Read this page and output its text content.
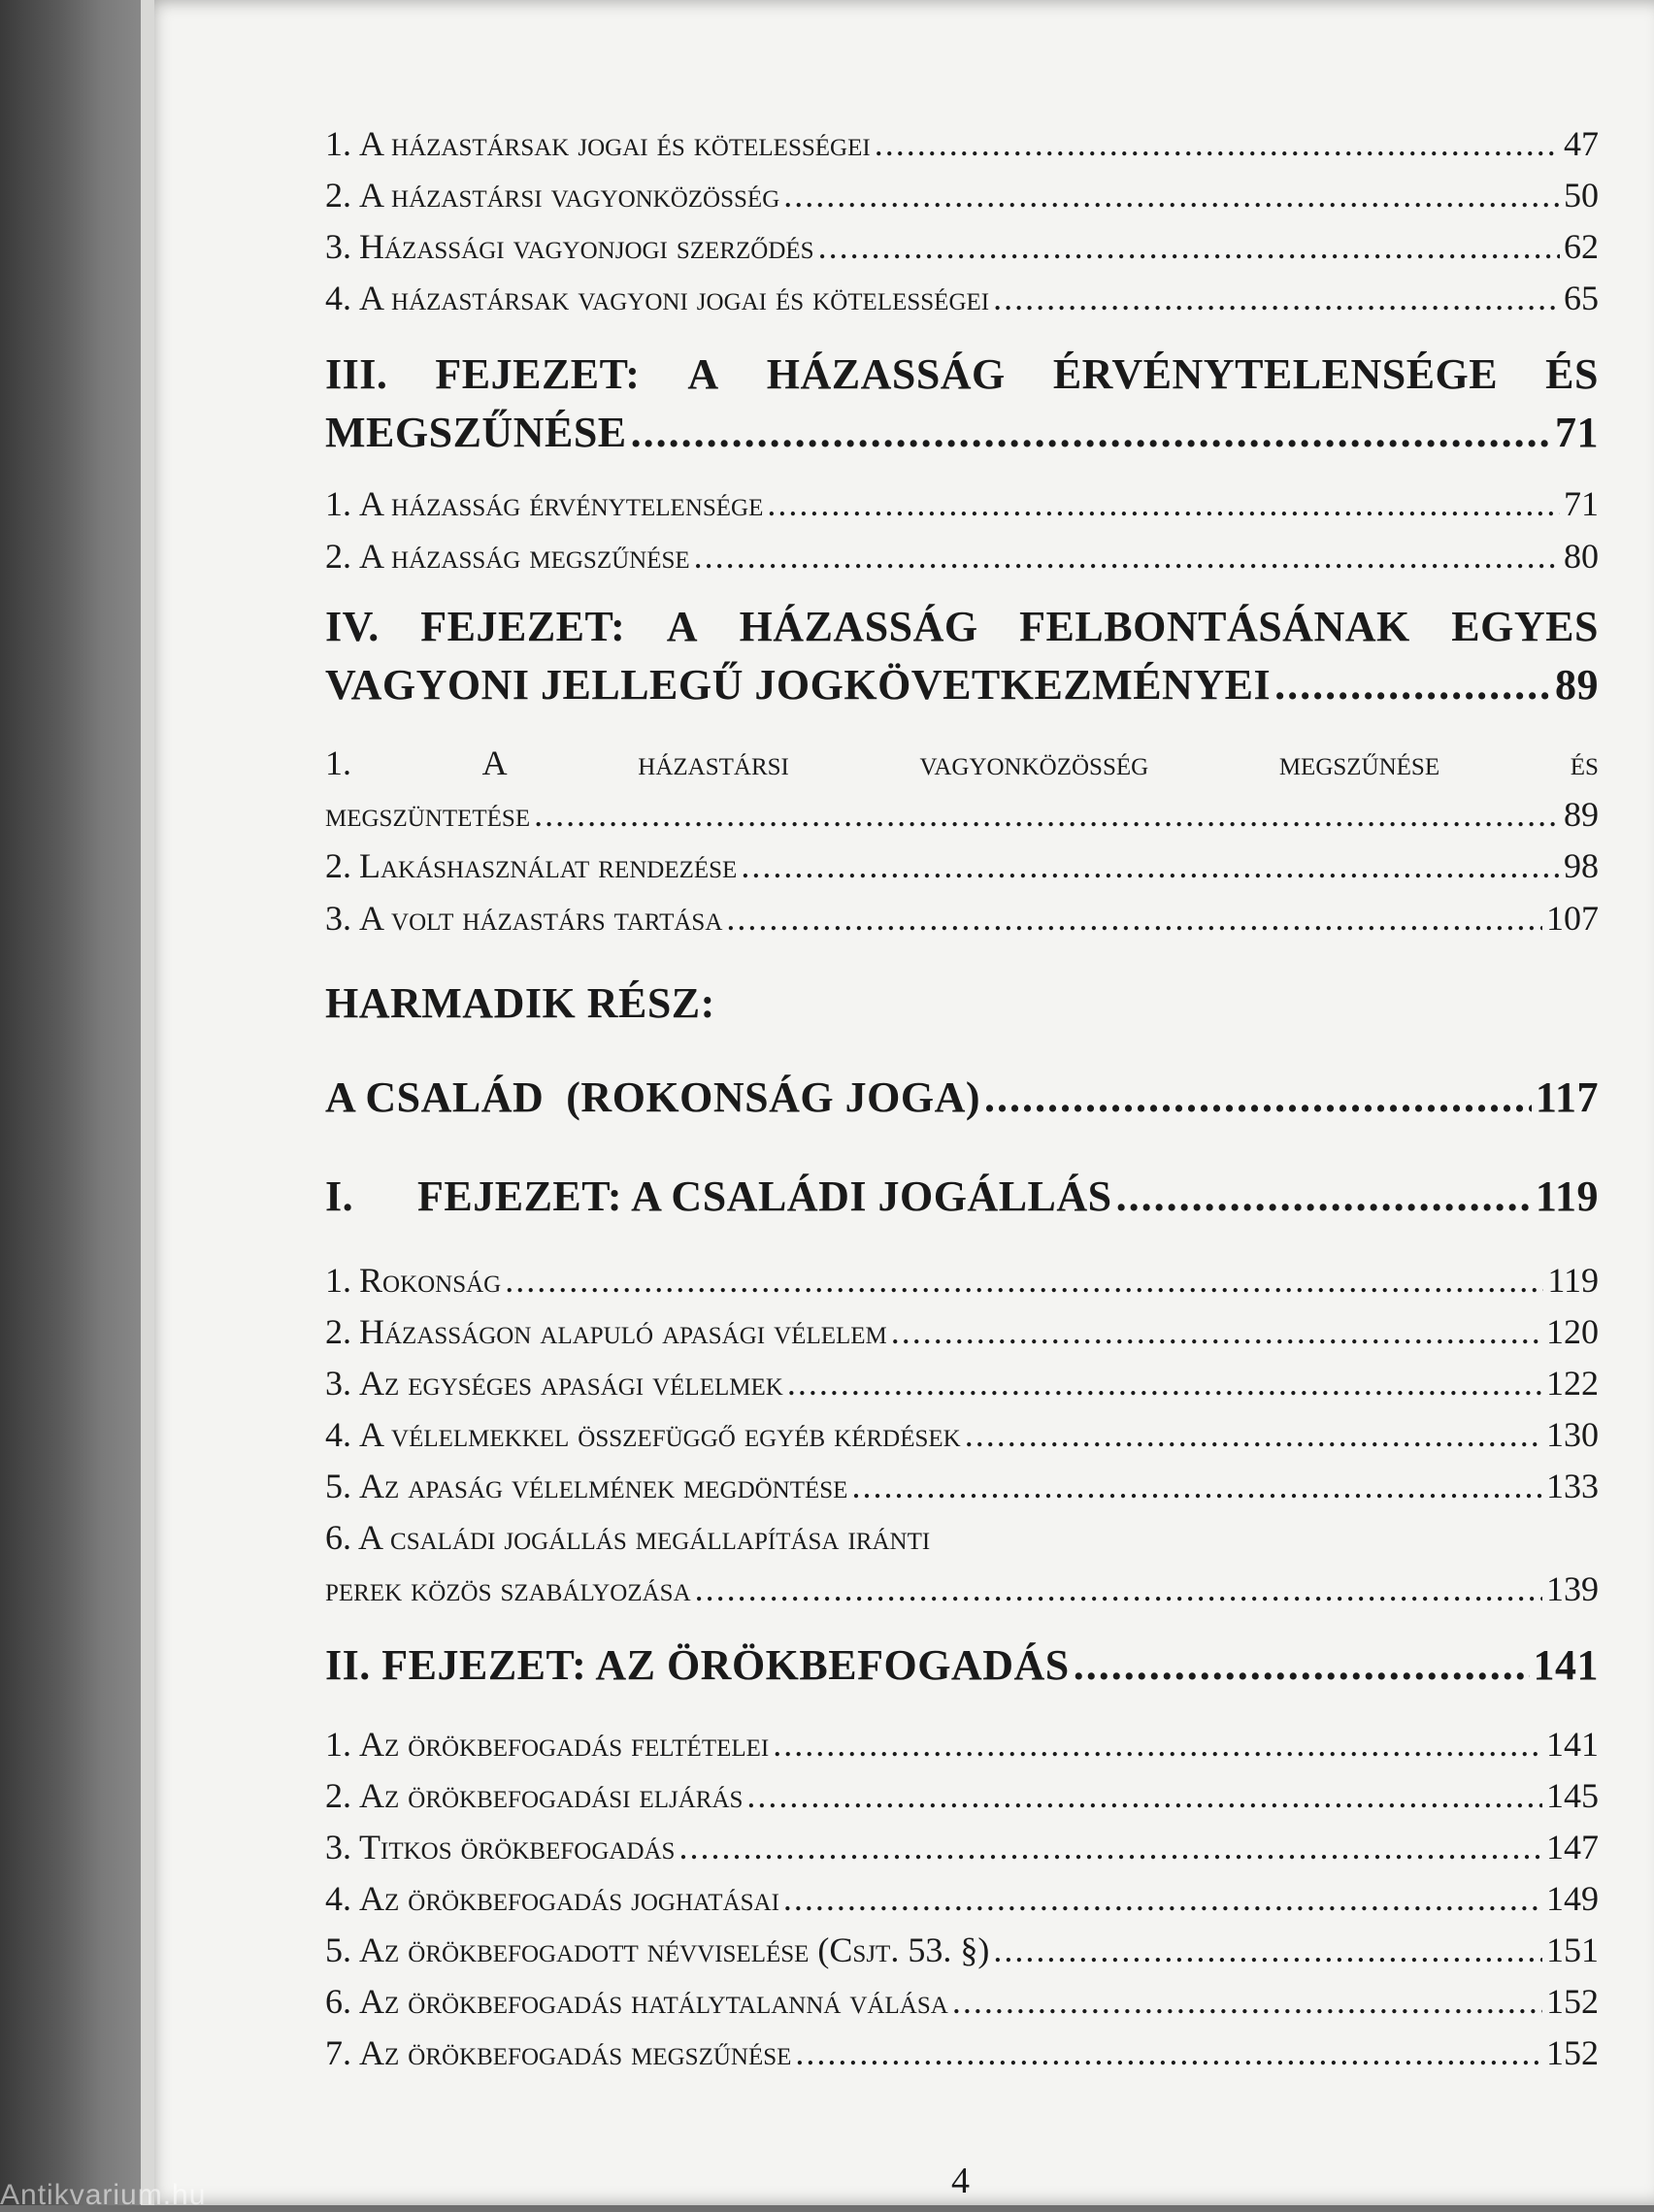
1. A házastársak jogai és kötelességei .....	47
2. A házastársi vagyonközösség .....	50
3. Házassági vagyonjogi szerződés .....	62
4. A házastársak vagyoni jogai és kötelességei .....	65
III. FEJEZET: A HÁZASSÁG ÉRVÉNYTELENSÉGE ÉS
MEGSZŰNÉSE .....	71
1. A házasság érvénytelensége .....	71
2. A házasság megszűnése .....	80
IV. FEJEZET: A HÁZASSÁG FELBONTÁSÁNAK EGYES
VAGYONI JELLEGŰ JOGKÖVETKEZMÉNYEI .....	89
1.	A	házastársi	vagyonközösség	megszűnése	és
megszüntetése .....	89
2. Lakáshasználat rendezése .....	98
3. A volt házastárs tartása .....	107
HARMADIK RÉSZ:
A CSALÁD  (ROKONSÁG JOGA) .....	117
I.	FEJEZET: A CSALÁDI JOGÁLLÁS .....	119
1. Rokonság .....	119
2. Házasságon alapuló apasági vélelem .....	120
3. Az egységes apasági vélelmek .....	122
4. A vélelmekkel összefüggő egyéb kérdések .....	130
5. Az apaság vélelmének megdöntése .....	133
6. A családi jogállás megállapítása iránti
perek közös szabályozása .....	139
II. FEJEZET: AZ ÖRÖKBEFOGADÁS .....	141
1. Az örökbefogadás feltételei .....	141
2. Az örökbefogadási eljárás .....	145
3. Titkos örökbefogadás .....	147
4. Az örökbefogadás joghatásai .....	149
5. Az örökbefogadott névviselése (Csjt. 53. §) .....	151
6. Az örökbefogadás hatálytalanná válása .....	152
7. Az örökbefogadás megszűnése .....	152
4
Antikvarium.hu
